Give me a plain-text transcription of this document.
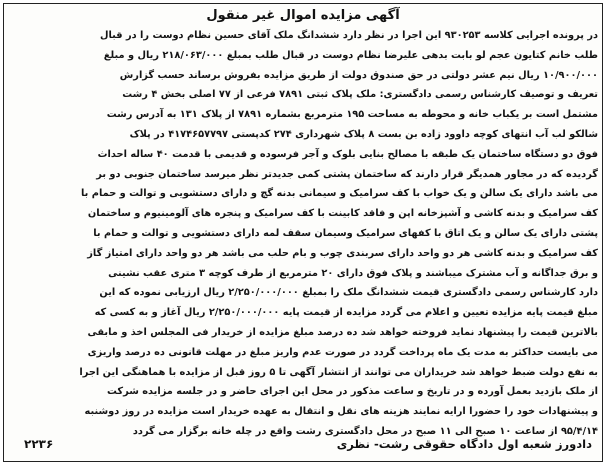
آگهی مزایده اموال غیر منقول
در پرونده اجرایی کلاسه ۹۳۰۲۵۳ این اجرا در نظر دارد ششدانگ ملک آقای حسین نظام دوست را در قبال
طلب خانم کتایون عجم لو بابت بدهی علیرضا نظام دوست در قبال طلب بمبلغ ۲۱۸/۰۶۳/۰۰۰ ریال و مبلغ
۱۰/۹۰۰/۰۰۰ ریال نیم عشر دولتی در حق صندوق دولت از طریق مزایده بفروش برساند حسب گزارش
تعریف و توصیف کارشناس رسمی دادگستری: ملک پلاک ثبتی ۷۸۹۱ فرعی از ۷۷ اصلی بخش ۴ رشت
مشتمل است بر یکباب خانه و محوطه به مساحت ۱۹۵ مترمربع بشماره ۷۸۹۱ از پلاک ۱۳۱ به آدرس رشت
شالکو لب آب انتهای کوچه داوود زاده بن بست ۸ پلاک شهرداری ۲۷۴ کدپستی ۴۱۷۴۶۵۷۷۹۷ در پلاک
فوق دو دستگاه ساختمان یک طبقه با مصالح بنایی بلوک و آجر فرسوده و قدیمی با قدمت ۴۰ ساله احداث
گردیده که در مجاور همدیگر قرار دارند که ساختمان پشتی کمی جدیدتر نظر میرسد ساختمان جنوبی دو بر
می باشد دارای یک سالن و یک خواب با کف سرامیک و سیمانی بدنه گچ و دارای دستشویی و توالت و حمام با
کف سرامیک و بدنه کاشی و آشپزخانه اپن و فاقد کابینت با کف سرامیک و پنجره های آلومینیوم و ساختمان
پشتی دارای یک سالن و یک اتاق با کفهای سرامیک وسیمان سقف لمه دارای دستشویی و توالت و حمام با
کف سرامیک و بدنه کاشی هر دو واحد دارای سربندی چوب و بام حلب می باشد هر دو واحد دارای امتیاز گاز
و برق جداگانه و آب مشترک میباشند و پلاک فوق دارای ۲۰ مترمربع از طرف کوچه ۳ متری عقب نشینی
دارد کارشناس رسمی دادگستری قیمت ششدانگ ملک را بمبلغ ۲/۲۵۰/۰۰۰/۰۰۰ ریال ارزیابی نموده که این
مبلغ قیمت پایه مزایده تعیین و اعلام می گردد مزایده از قیمت پایه ۲/۲۵۰/۰۰۰/۰۰۰ ریال آغاز و به کسی که
بالاترین قیمت را پیشنهاد نماید فروخته خواهد شد ده درصد مبلغ مزایده از خریدار فی المجلس اخذ و مابقی
می بایست حداکثر به مدت یک ماه پرداخت گردد در صورت عدم واریز مبلغ در مهلت قانونی ده درصد واریزی
به نفع دولت ضبط خواهد شد خریداران می توانند از انتشار آگهی تا ۵ روز قبل از مزایده با هماهنگی این اجرا
از ملک بازدید بعمل آورده و در تاریخ و ساعت مذکور در محل این اجرای حاضر و در جلسه مزایده شرکت
و پیشنهادات خود را حضورا ارایه نمایند هزینه های نقل و انتقال به عهده خریدار است مزایده در روز دوشنبه
۹۵/۴/۱۴ از ساعت ۱۰ صبح الی ۱۱ صبح در محل دادگستری رشت واقع در چله خانه برگزار می گردد
۲۲۳۶	دادورز شعبه اول دادگاه حقوقی رشت- نظری
